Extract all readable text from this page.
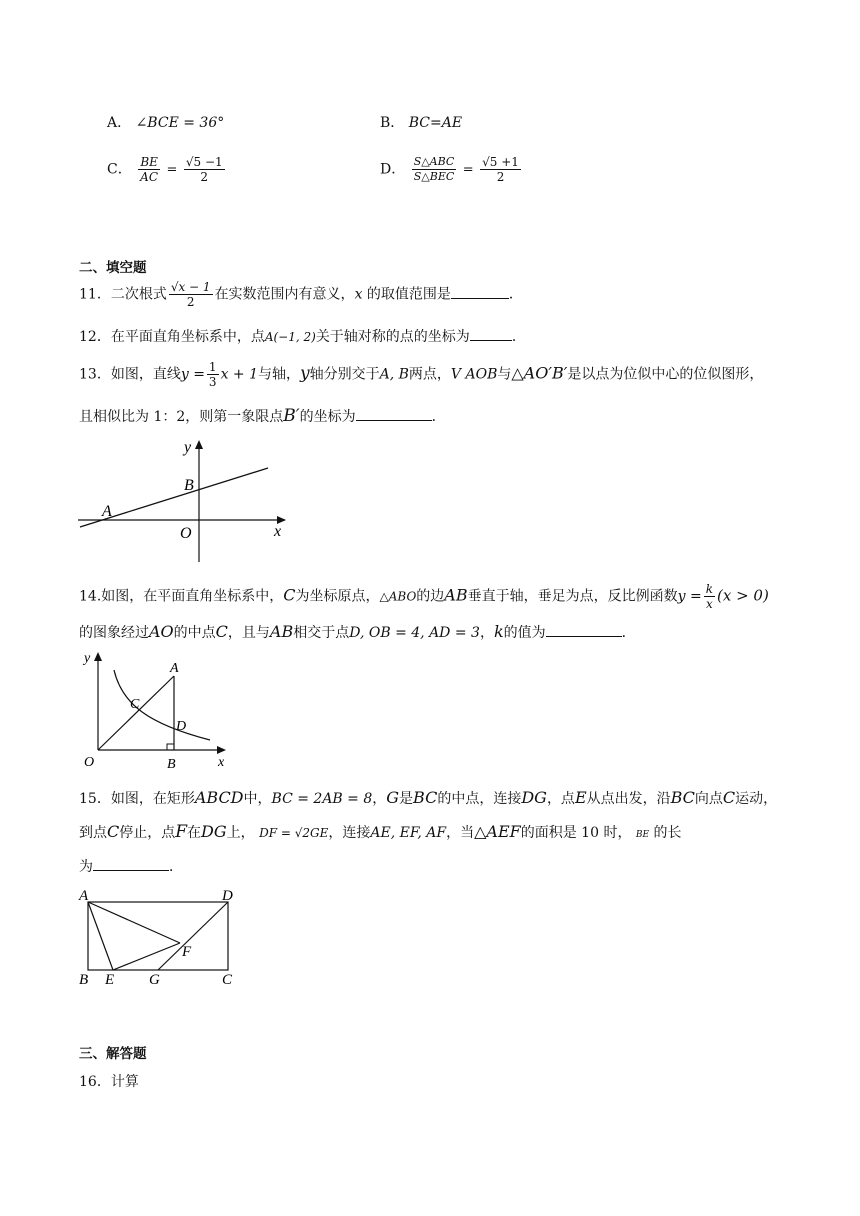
A． ∠BCE = 36°	B． BC=AE
C． $\frac{BE}{AC} = \frac{√5 -1}{2}$	D． $\frac{\text{S△ABC}}{\text{S△BEC}} = \frac{√5 +1}{2}$
二、填空题
11．二次根式 $\frac{√x - 1}{2}$ 在实数范围内有意义，x 的取值范围是	．
12．在平面直角坐标系中，点A(−1, 2)关于轴对称的点的坐标为	．
13．如图，直线$y = \frac{1}{3}$ x + 1与轴，y轴分别交于A, B两点，V AOB与△AO′B′是以点为位似中心的位似图形，
且相似比为 1：2，则第一象限点B′的坐标为	．
x
y
A
B
O
14.如图，在平面直角坐标系中，C为坐标原点，△ABO的边AB垂直于轴，垂足为点，反比例函数$y = \frac{k}{x} (x > 0)$
的图象经过AO的中点C，且与AB相交于点D, OB = 4, AD = 3，k的值为	．
x
y
A
C
D
O	B
15．如图，在矩形ABCD中，BC = 2AB = 8，G是BC的中点，连接DG，点E从点出发，沿BC向点C运动，
到点C停止，点F在DG上， DF = √2GE，连接AE, EF, AF，当△AEF的面积是 10 时， BE 的长
为	．
A	D
F
B E G	C
三、解答题
16．计算
